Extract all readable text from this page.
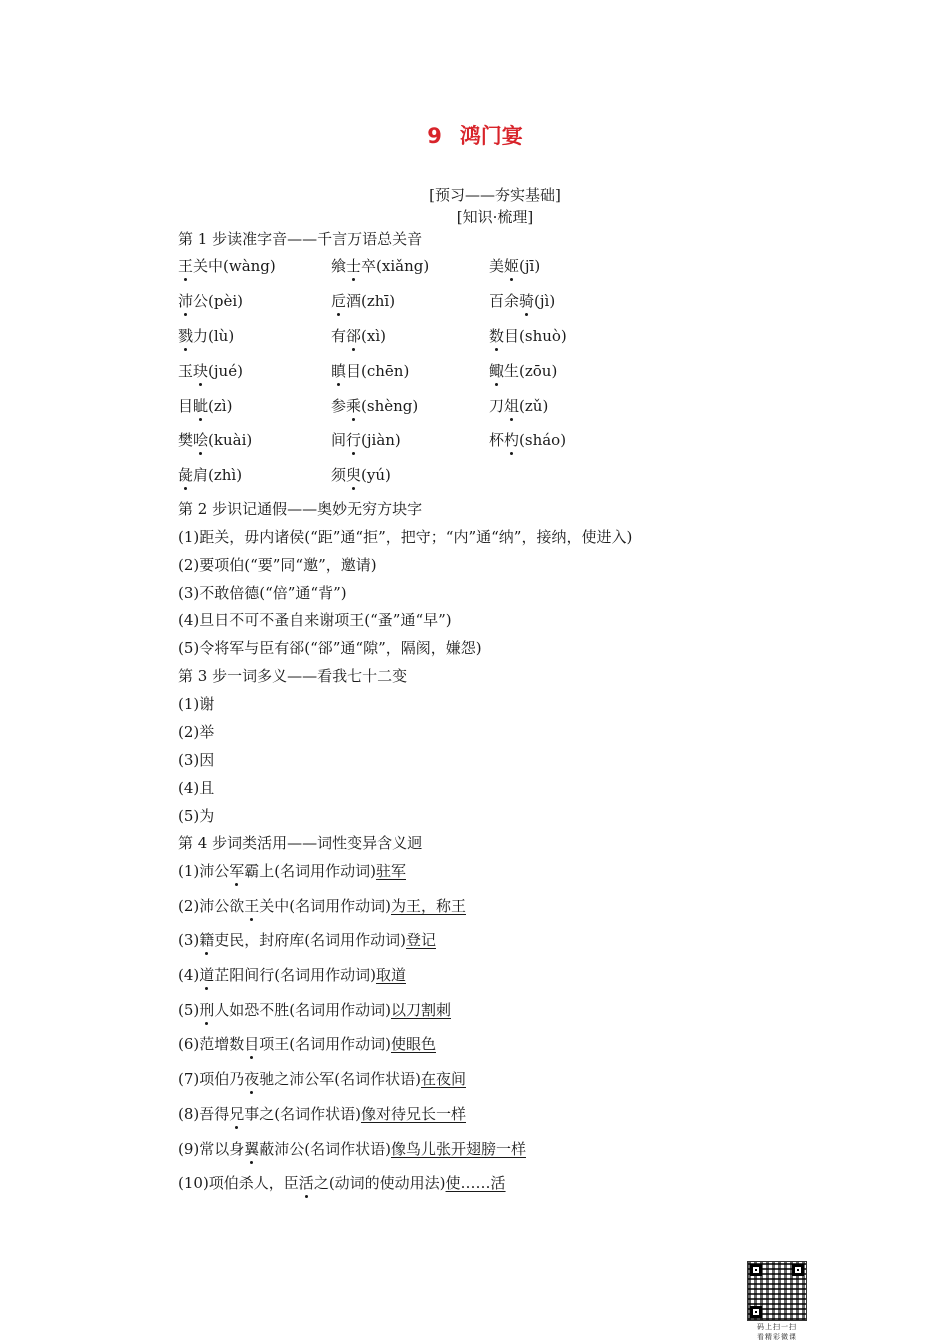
9 鸿门宴
[预习——夯实基础]
[知识·梳理]
第 1 步读准字音——千言万语总关音
王关中(wàng)	飨士卒(xiǎng)	美姬(jī)
沛公(pèi)	卮酒(zhī)	百余骑(jì)
戮力(lù)	有郤(xì)	数目(shuò)
玉玦(jué)	瞋目(chēn)	鲰生(zōu)
目眦(zì)	参乘(shèng)	刀俎(zǔ)
樊哙(kuài)	间行(jiàn)	杯杓(sháo)
彘肩(zhì)	须臾(yú)
第 2 步识记通假——奥妙无穷方块字
(1)距关，毋内诸侯(“距”通“拒”，把守；“内”通“纳”，接纳，使进入)
(2)要项伯(“要”同“邀”，邀请)
(3)不敢倍德(“倍”通“背”)
(4)旦日不可不蚤自来谢项王(“蚤”通“早”)
(5)令将军与臣有郤(“郤”通“隙”，隔阂，嫌怨)
第 3 步一词多义——看我七十二变
(1)谢
(2)举
(3)因
(4)且
(5)为
第 4 步词类活用——词性变异含义迥
(1)沛公军霸上(名词用作动词)驻军
(2)沛公欲王关中(名词用作动词)为王，称王
(3)籍吏民，封府库(名词用作动词)登记
(4)道芷阳间行(名词用作动词)取道
(5)刑人如恐不胜(名词用作动词)以刀割刺
(6)范增数目项王(名词用作动词)使眼色
(7)项伯乃夜驰之沛公军(名词作状语)在夜间
(8)吾得兄事之(名词作状语)像对待兄长一样
(9)常以身翼蔽沛公(名词作状语)像鸟儿张开翅膀一样
(10)项伯杀人，臣活之(动词的使动用法)使……活
码上扫一扫
看精彩微课
